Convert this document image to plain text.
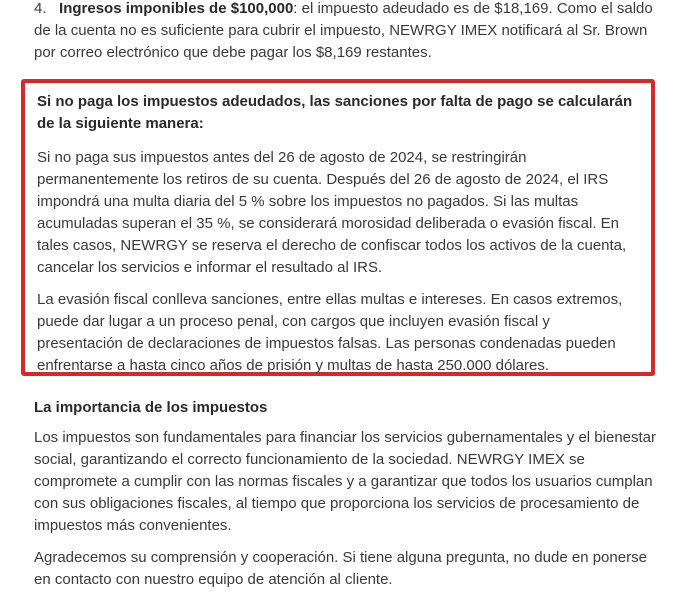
4. Ingresos imponibles de $100,000: el impuesto adeudado es de $18,169. Como el saldo de la cuenta no es suficiente para cubrir el impuesto, NEWRGY IMEX notificará al Sr. Brown por correo electrónico que debe pagar los $8,169 restantes.
Si no paga los impuestos adeudados, las sanciones por falta de pago se calcularán de la siguiente manera:

Si no paga sus impuestos antes del 26 de agosto de 2024, se restringirán permanentemente los retiros de su cuenta. Después del 26 de agosto de 2024, el IRS impondrá una multa diaria del 5 % sobre los impuestos no pagados. Si las multas acumuladas superan el 35 %, se considerará morosidad deliberada o evasión fiscal. En tales casos, NEWRGY se reserva el derecho de confiscar todos los activos de la cuenta, cancelar los servicios e informar el resultado al IRS.

La evasión fiscal conlleva sanciones, entre ellas multas e intereses. En casos extremos, puede dar lugar a un proceso penal, con cargos que incluyen evasión fiscal y presentación de declaraciones de impuestos falsas. Las personas condenadas pueden enfrentarse a hasta cinco años de prisión y multas de hasta 250.000 dólares.

La importancia de los impuestos

Los impuestos son fundamentales para financiar los servicios gubernamentales y el bienestar social, garantizando el correcto funcionamiento de la sociedad. NEWRGY IMEX se compromete a cumplir con las normas fiscales y a garantizar que todos los usuarios cumplan con sus obligaciones fiscales, al tiempo que proporciona los servicios de procesamiento de impuestos más convenientes.

Agradecemos su comprensión y cooperación. Si tiene alguna pregunta, no dude en ponerse en contacto con nuestro equipo de atención al cliente.
